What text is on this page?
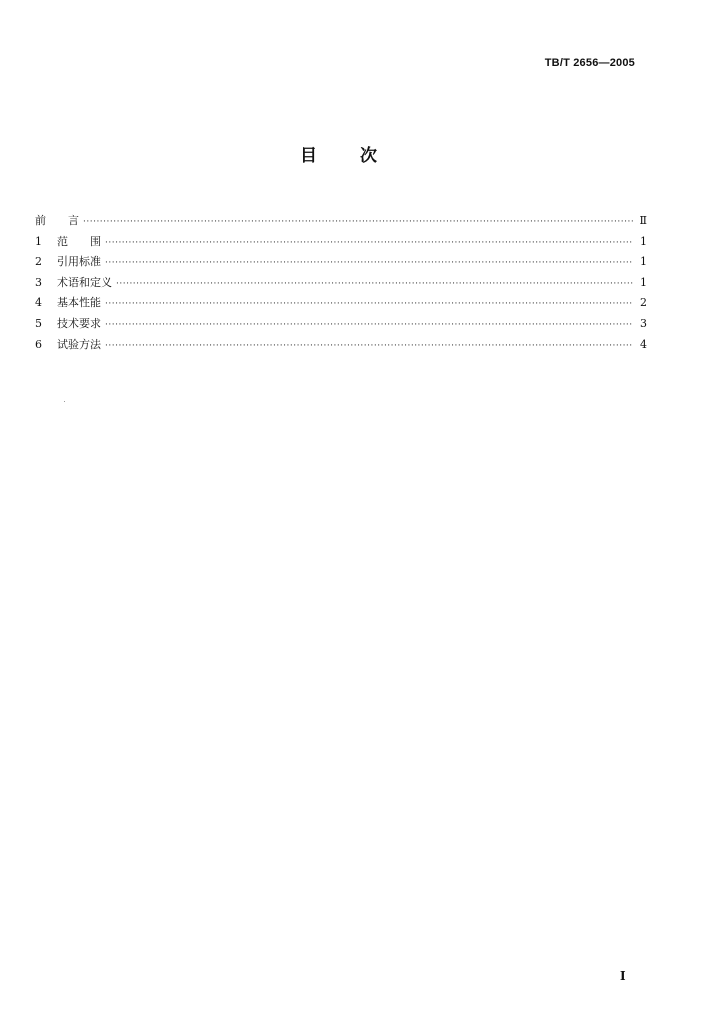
TB/T 2656—2005
目	次
前　　言 ·····	Ⅱ
1	范　　围 ·····	1
2	引用标准 ·····	1
3	术语和定义 ·····	1
4	基本性能 ·····	2
5	技术要求 ·····	3
6	试验方法 ·····	4
Ⅰ
